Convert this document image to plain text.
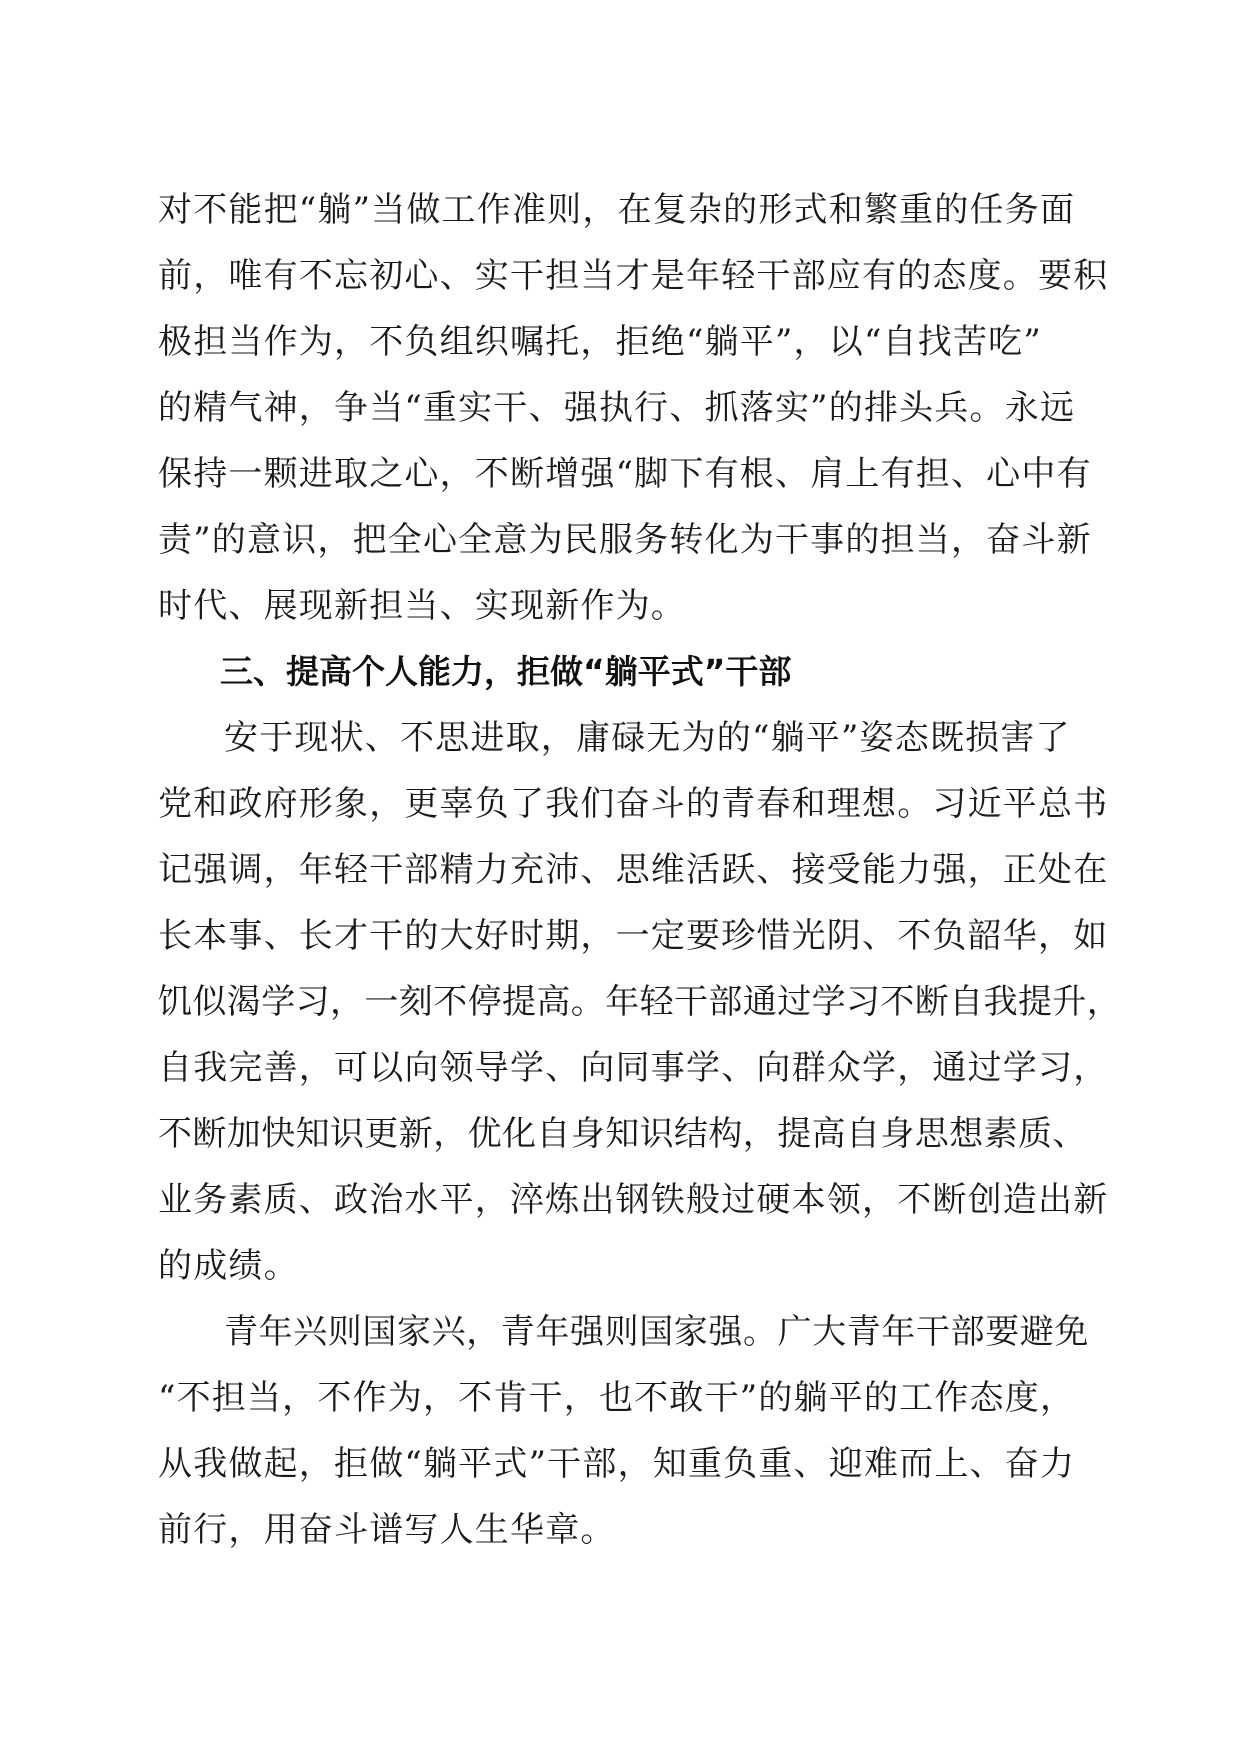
对不能把“躺”当做工作准则，在复杂的形式和繁重的任务面
前，唯有不忘初心、实干担当才是年轻干部应有的态度。要积
极担当作为，不负组织嘱托，拒绝“躺平”，以“自找苦吃”
的精气神，争当“重实干、强执行、抓落实”的排头兵。永远
保持一颗进取之心，不断增强“脚下有根、肩上有担、心中有
责”的意识，把全心全意为民服务转化为干事的担当，奋斗新
时代、展现新担当、实现新作为。
三、提高个人能力，拒做“躺平式”干部
安于现状、不思进取，庸碌无为的“躺平”姿态既损害了
党和政府形象，更辜负了我们奋斗的青春和理想。习近平总书
记强调，年轻干部精力充沛、思维活跃、接受能力强，正处在
长本事、长才干的大好时期，一定要珍惜光阴、不负韶华，如
饥似渴学习，一刻不停提高。年轻干部通过学习不断自我提升，
自我完善，可以向领导学、向同事学、向群众学，通过学习，
不断加快知识更新，优化自身知识结构，提高自身思想素质、
业务素质、政治水平，淬炼出钢铁般过硬本领，不断创造出新
的成绩。
青年兴则国家兴，青年强则国家强。广大青年干部要避免
“不担当，不作为，不肯干，也不敢干”的躺平的工作态度，
从我做起，拒做“躺平式”干部，知重负重、迎难而上、奋力
前行，用奋斗谱写人生华章。
